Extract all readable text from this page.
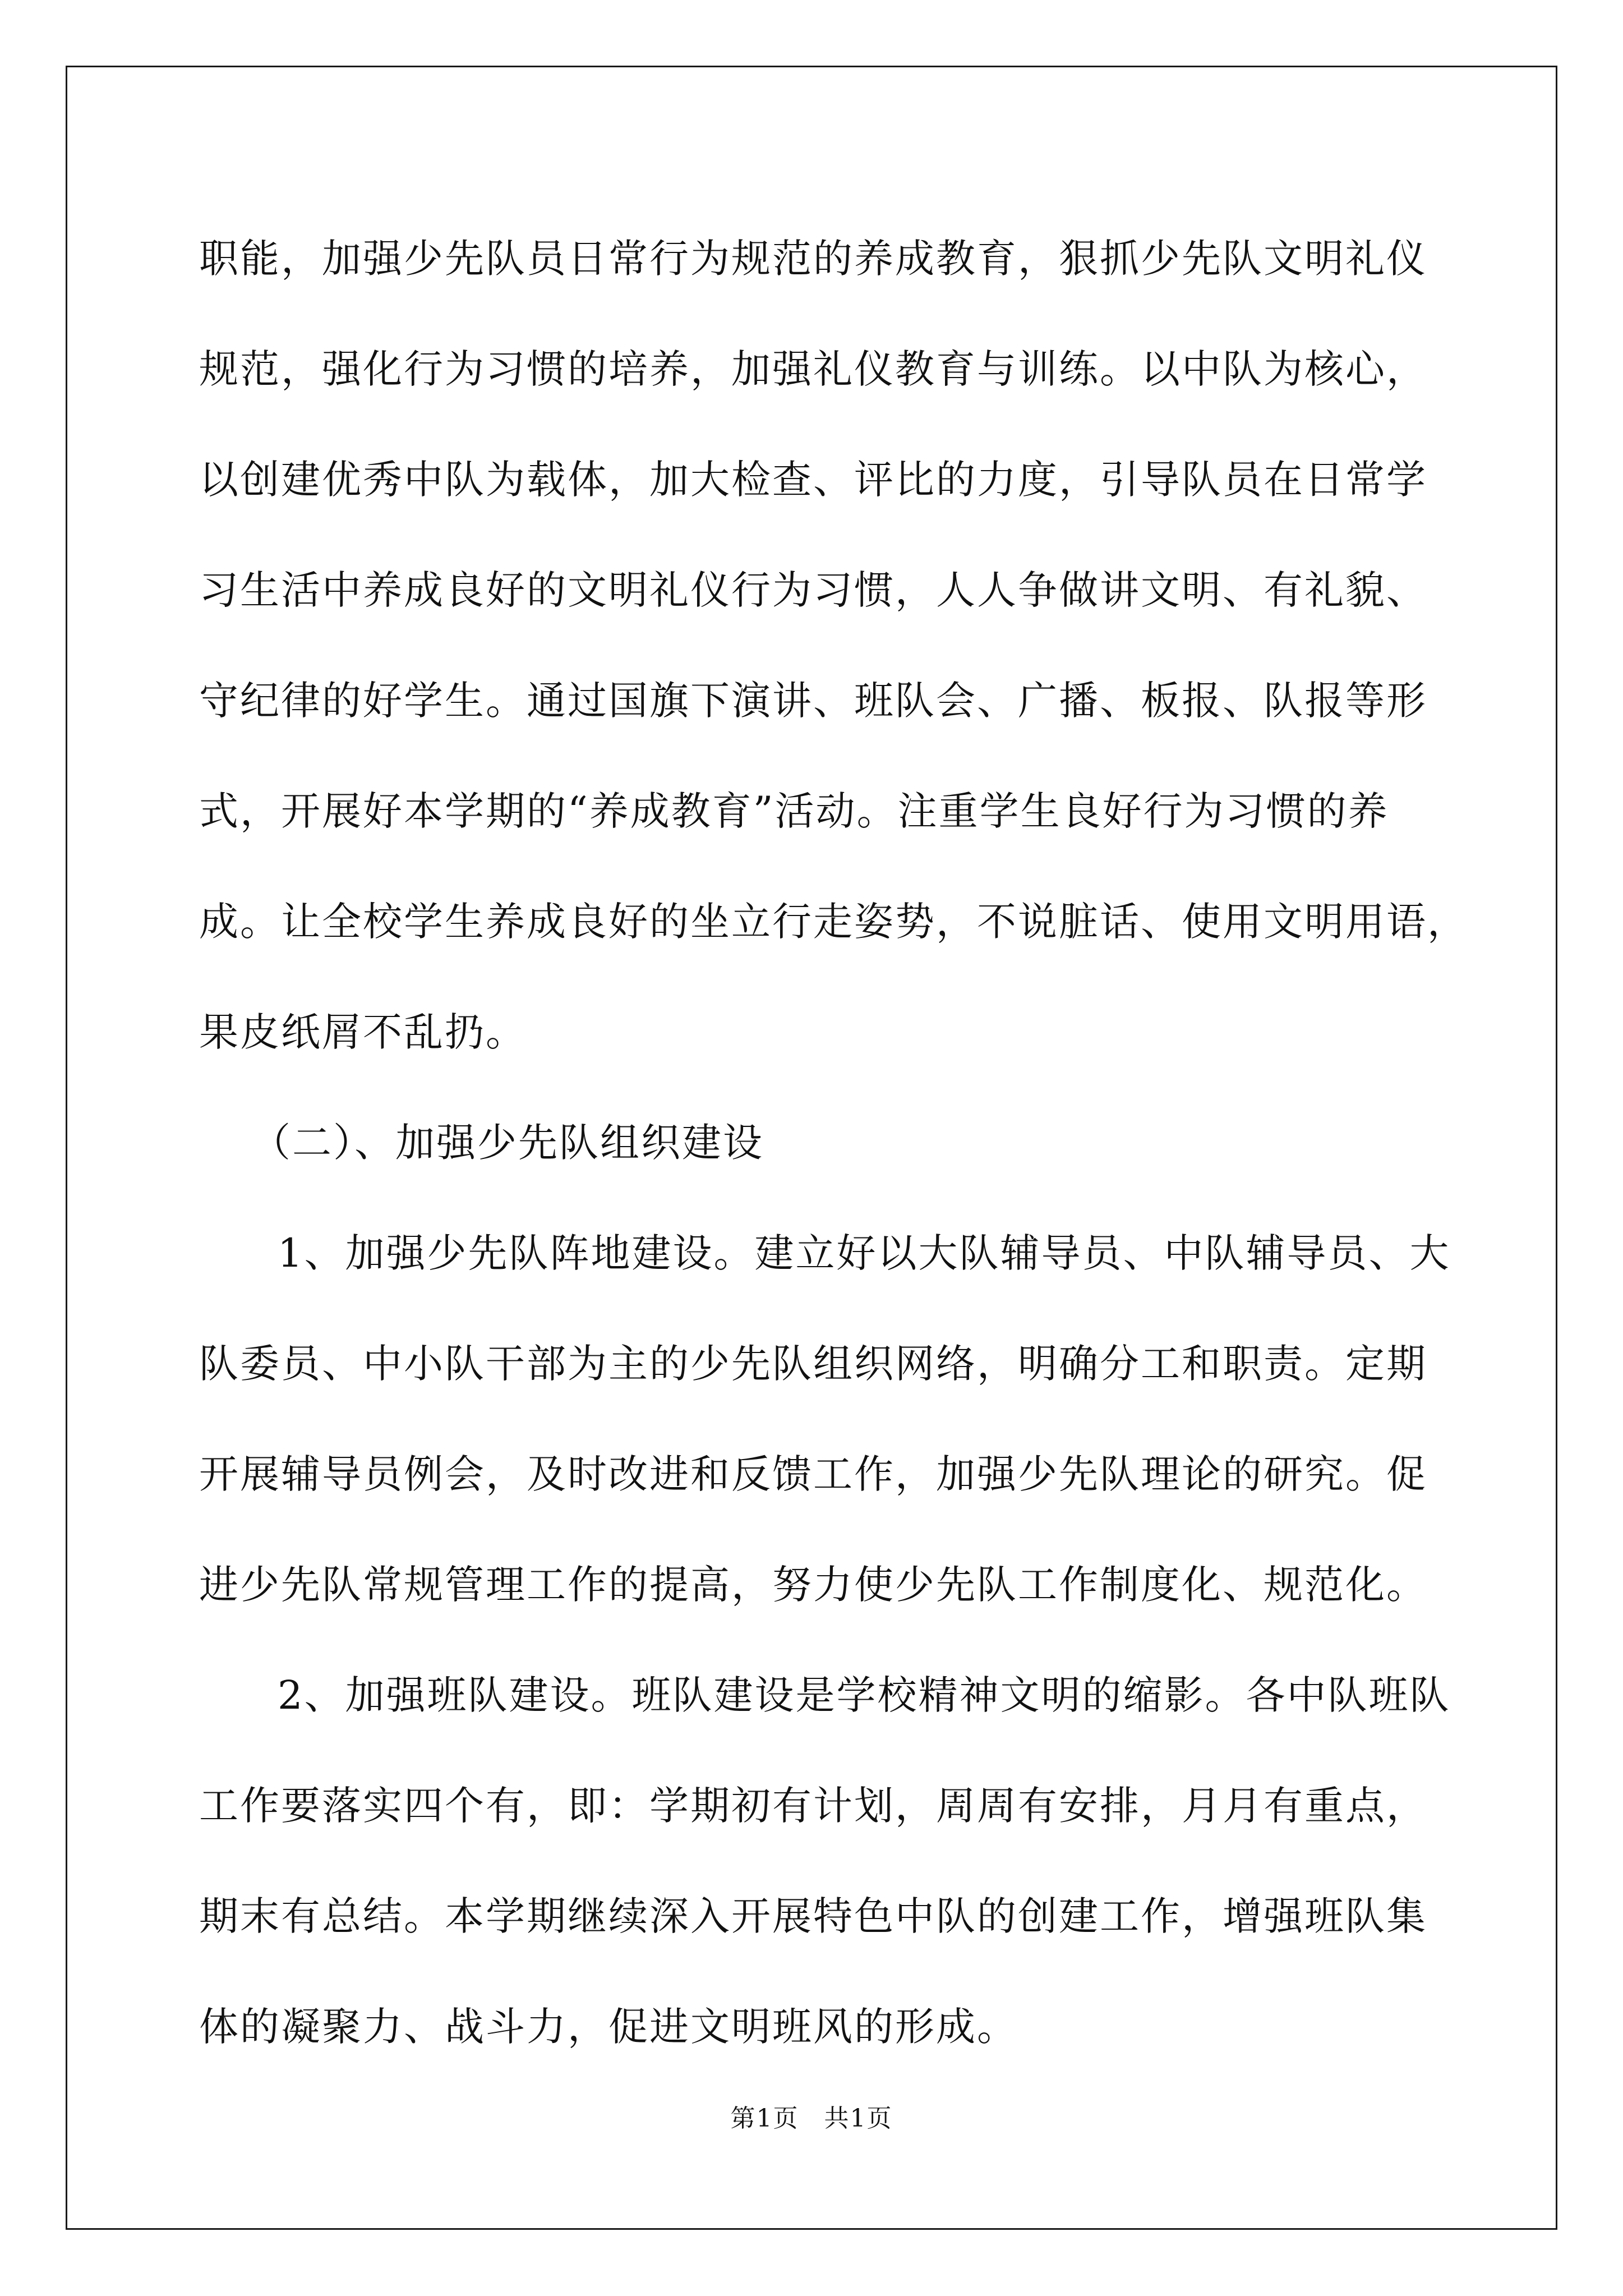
职能，加强少先队员日常行为规范的养成教育，狠抓少先队文明礼仪
规范，强化行为习惯的培养，加强礼仪教育与训练。以中队为核心，
以创建优秀中队为载体，加大检查、评比的力度，引导队员在日常学
习生活中养成良好的文明礼仪行为习惯，人人争做讲文明、有礼貌、
守纪律的好学生。通过国旗下演讲、班队会、广播、板报、队报等形
式，开展好本学期的“养成教育”活动。注重学生良好行为习惯的养
成。让全校学生养成良好的坐立行走姿势，不说脏话、使用文明用语，
果皮纸屑不乱扔。
（二）、加强少先队组织建设
1、加强少先队阵地建设。建立好以大队辅导员、中队辅导员、大
队委员、中小队干部为主的少先队组织网络，明确分工和职责。定期
开展辅导员例会，及时改进和反馈工作，加强少先队理论的研究。促
进少先队常规管理工作的提高，努力使少先队工作制度化、规范化。
2、加强班队建设。班队建设是学校精神文明的缩影。各中队班队
工作要落实四个有，即：学期初有计划，周周有安排，月月有重点，
期末有总结。本学期继续深入开展特色中队的创建工作，增强班队集
体的凝聚力、战斗力，促进文明班风的形成。
第1页 共1页
